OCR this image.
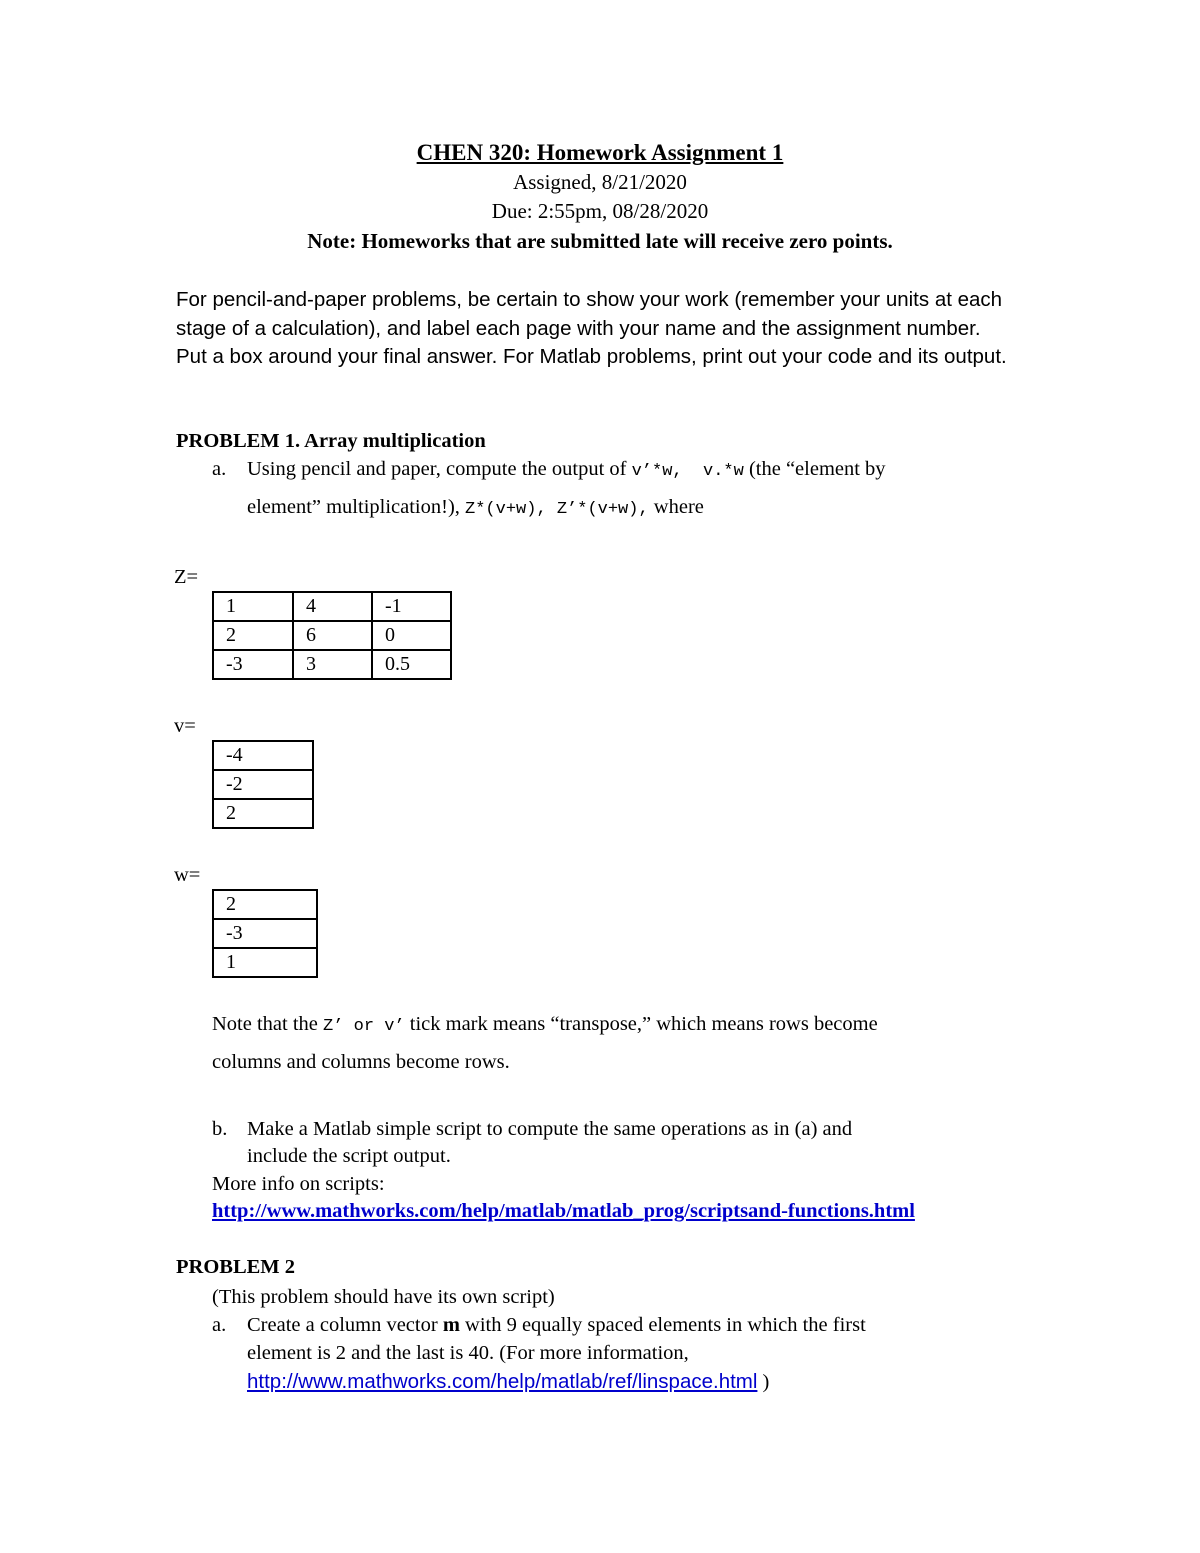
CHEN 320: Homework Assignment 1
Assigned, 8/21/2020
Due: 2:55pm, 08/28/2020
Note: Homeworks that are submitted late will receive zero points.
For pencil-and-paper problems, be certain to show your work (remember your units at each stage of a calculation), and label each page with your name and the assignment number. Put a box around your final answer. For Matlab problems, print out your code and its output.
PROBLEM 1. Array multiplication
a. Using pencil and paper, compute the output of v’*w,  v.*w (the “element by
element” multiplication!), Z*(v+w), Z’*(v+w), where
Z=
1	4	-1
2	6	0
-3	3	0.5
v=
-4
-2
2
w=
2
-3
1
Note that the Z’ or v’ tick mark means “transpose,” which means rows become
columns and columns become rows.
b. Make a Matlab simple script to compute the same operations as in (a) and
include the script output.
More info on scripts:
http://www.mathworks.com/help/matlab/matlab_prog/scriptsand-functions.html
PROBLEM 2
(This problem should have its own script)
a. Create a column vector m with 9 equally spaced elements in which the first
element is 2 and the last is 40. (For more information,
http://www.mathworks.com/help/matlab/ref/linspace.html )
